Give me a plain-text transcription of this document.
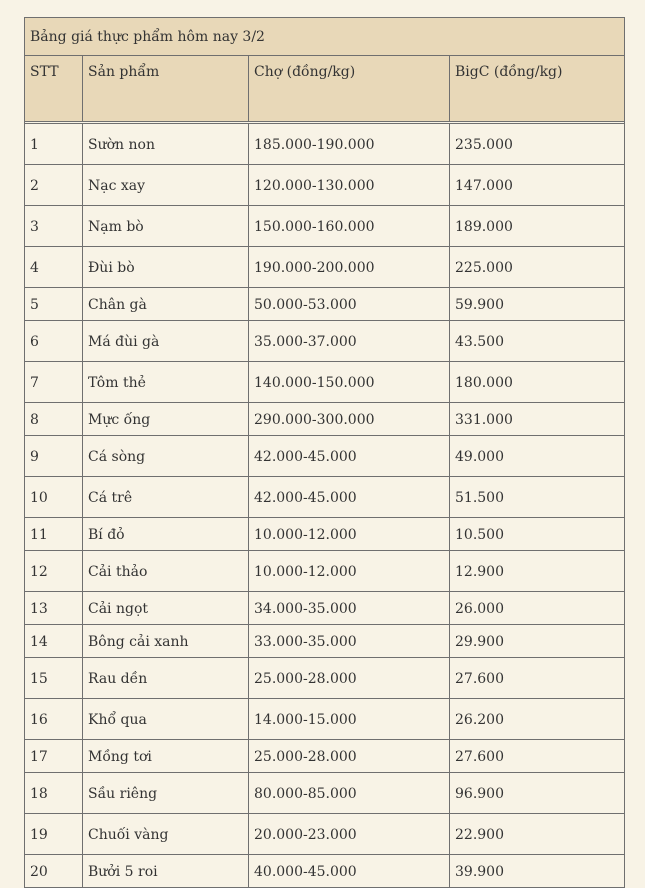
Bảng giá thực phẩm hôm nay 3/2			
STT	Sản phẩm	Chợ (đồng/kg)	BigC (đồng/kg)

1	Sườn non	185.000-190.000	235.000
2	Nạc xay	120.000-130.000	147.000
3	Nạm bò	150.000-160.000	189.000
4	Đùi bò	190.000-200.000	225.000
5	Chân gà	50.000-53.000	59.900
6	Má đùi gà	35.000-37.000	43.500
7	Tôm thẻ	140.000-150.000	180.000
8	Mực ống	290.000-300.000	331.000
9	Cá sòng	42.000-45.000	49.000
10	Cá trê	42.000-45.000	51.500
11	Bí đỏ	10.000-12.000	10.500
12	Cải thảo	10.000-12.000	12.900
13	Cải ngọt	34.000-35.000	26.000
14	Bông cải xanh	33.000-35.000	29.900
15	Rau dền	25.000-28.000	27.600
16	Khổ qua	14.000-15.000	26.200
17	Mồng tơi	25.000-28.000	27.600
18	Sầu riêng	80.000-85.000	96.900
19	Chuối vàng	20.000-23.000	22.900
20	Bưởi 5 roi	40.000-45.000	39.900
